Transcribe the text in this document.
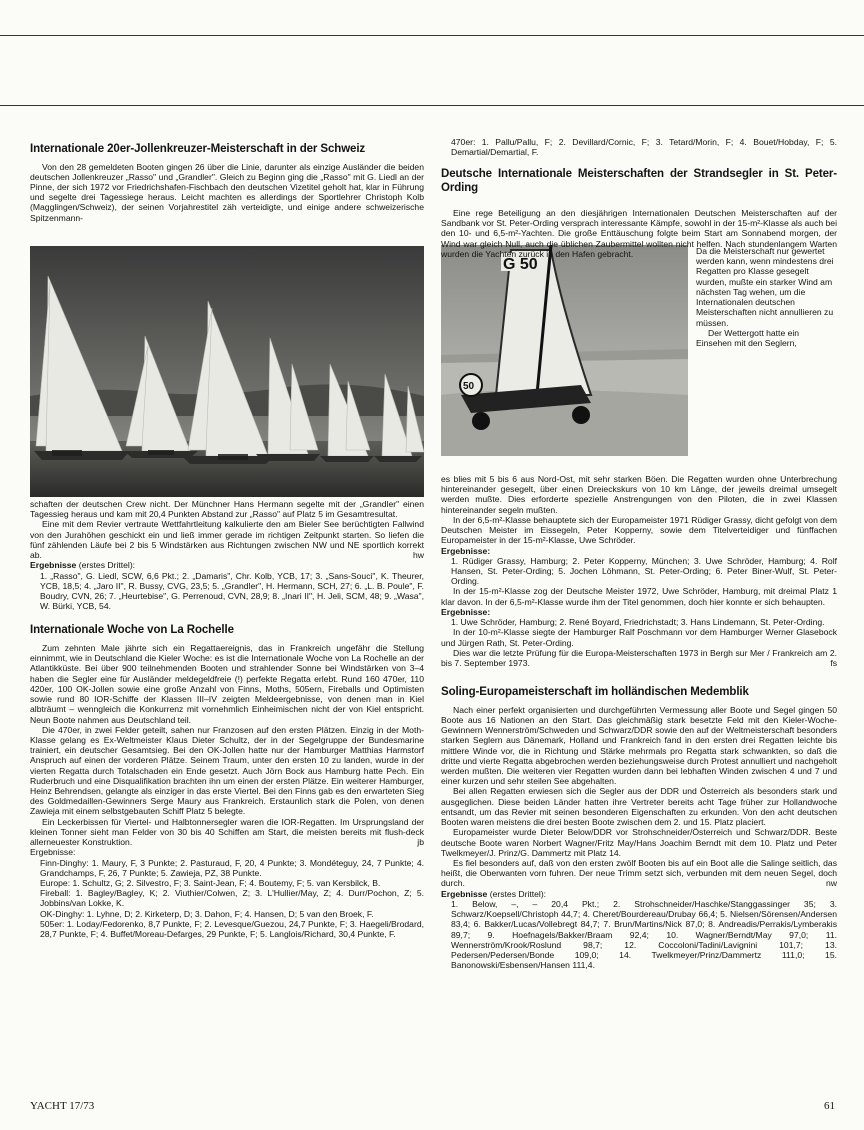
Internationale 20er-Jollenkreuzer-Meisterschaft in der Schweiz

Von den 28 gemeldeten Booten gingen 26 über die Linie, darunter als einzige Ausländer die beiden deutschen Jollenkreuzer „Rasso" und „Grandler". Gleich zu Beginn ging die „Rasso" mit G. Liedl an der Pinne, der sich 1972 vor Friedrichshafen-Fischbach den deutschen Vizetitel geholt hat, klar in Führung und segelte drei Tagessiege heraus. Leicht machten es allerdings der Sportlehrer Christoph Kolb (Magglingen/Schweiz), der seinen Vorjahrestitel zäh verteidigte, und einige andere schweizerische Spitzenmann-

schaften der deutschen Crew nicht. Der Münchner Hans Hermann segelte mit der „Grandler" einen Tagessieg heraus und kam mit 20,4 Punkten Abstand zur „Rasso" auf Platz 5 im Gesamtresultat.

Eine mit dem Revier vertraute Wettfahrtleitung kalkulierte den am Bieler See berüchtigten Fallwind von den Jurahöhen geschickt ein und ließ immer gerade im richtigen Zeitpunkt starten. So liefen die fünf zählenden Läufe bei 2 bis 5 Windstärken aus Richtungen zwischen NW und NE sportlich korrekt ab.	hw

Ergebnisse (erstes Drittel):

1. „Rasso", G. Liedl, SCW, 6,6 Pkt.; 2. „Damaris", Chr. Kolb, YCB, 17; 3. „Sans-Souci", K. Theurer, YCB, 18,5; 4. „Jaro II", R. Bussy, CVG, 23,5; 5. „Grandler", H. Hermann, SCH, 27; 6. „L. B. Poule", F. Boudry, CVN, 26; 7. „Heurtebise", G. Perrenoud, CVN, 28,9; 8. „Inari II", H. Jeli, SCM, 48; 9. „Wasa", W. Bürki, YCB, 54.

Internationale Woche von La Rochelle

Zum zehnten Male jährte sich ein Regattaereignis, das in Frankreich ungefähr die Stellung einnimmt, wie in Deutschland die Kieler Woche: es ist die Internationale Woche von La Rochelle an der Atlantikküste. Bei über 900 teilnehmenden Booten und strahlender Sonne bei Windstärken von 3–4 haben die Segler eine für Ausländer meldegeldfreie (!) perfekte Regatta erlebt. Rund 160 470er, 110 420er, 100 OK-Jollen sowie eine große Anzahl von Finns, Moths, 505ern, Fireballs und Optimisten sowie rund 80 IOR-Schiffe der Klassen III–IV zeigten Meldeergebnisse, von denen man in Kiel albträumt – wenngleich die Konkurrenz mit vornehmlich Einheimischen nicht der von Kiel entspricht. Neun Boote nahmen aus Deutschland teil.

Die 470er, in zwei Felder geteilt, sahen nur Franzosen auf den ersten Plätzen. Einzig in der Moth-Klasse gelang es Ex-Weltmeister Klaus Dieter Schultz, der in der Segelgruppe der Bundesmarine trainiert, ein deutscher Gesamtsieg. Bei den OK-Jollen hatte nur der Hamburger Matthias Harmstorf Anspruch auf einen der vorderen Plätze. Seinem Traum, unter den ersten 10 zu landen, wurde in der vierten Regatta durch Totalschaden ein Ende gesetzt. Auch Jörn Bock aus Hamburg hatte Pech. Ein Ruderbruch und eine Disqualifikation brachten ihn um einen der ersten Plätze. Ein weiterer Hamburger, Heinz Behrendsen, gelangte als einziger in das erste Viertel. Bei den Finns gab es den erwarteten Sieg des Goldmedaillen-Gewinners Serge Maury aus Frankreich. Erstaunlich stark die Polen, von denen Zawieja mit einem selbstgebauten Schiff Platz 5 belegte.

Ein Leckerbissen für Viertel- und Halbtonnersegler waren die IOR-Regatten. Im Ursprungsland der kleinen Tonner sieht man Felder von 30 bis 40 Schiffen am Start, die meisten bereits mit flush-deck allerneuester Konstruktion.	jb

Ergebnisse:

Finn-Dinghy: 1. Maury, F, 3 Punkte; 2. Pasturaud, F, 20, 4 Punkte; 3. Mondéteguy, 24, 7 Punkte; 4. Grandchamps, F, 26, 7 Punkte; 5. Zawieja, PZ, 38 Punkte.

Europe: 1. Schultz, G; 2. Silvestro, F; 3. Saint-Jean, F; 4. Boutemy, F; 5. van Kersbilck, B.

Fireball: 1. Bagley/Bagley, K; 2. Viuthier/Colwen, Z; 3. L'Hullier/May, Z; 4. Durr/Pochon, Z; 5. Jobbins/van Lokke, K.

OK-Dinghy: 1. Lyhne, D; 2. Kirketerp, D; 3. Dahon, F; 4. Hansen, D; 5 van den Broek, F.

505er: 1. Loday/Fedorenko, 8,7 Punkte, F; 2. Levesque/Guezou, 24,7 Punkte, F; 3. Haegeli/Brodard, 28,7 Punkte, F; 4. Buffet/Moreau-Defarges, 29 Punkte, F; 5. Langlois/Richard, 30,4 Punkte, F.

470er: 1. Pallu/Pallu, F; 2. Devillard/Cornic, F; 3. Tetard/Morin, F; 4. Bouet/Hobday, F; 5. Demartial/Demartial, F.

Deutsche Internationale Meisterschaften der Strandsegler in St. Peter-Ording
G 50
50

Eine rege Beteiligung an den diesjährigen Internationalen Deutschen Meisterschaften auf der Sandbank vor St. Peter-Ording versprach interessante Kämpfe, sowohl in der 15-m²-Klasse als auch bei den 10- und 6,5-m²-Yachten. Die große Enttäuschung folgte beim Start am Sonnabend morgen, der Wind war gleich Null, auch die üblichen Zaubermittel wollten nicht helfen. Nach stundenlangem Warten wurden die Yachten zurück in den Hafen gebracht.	Da die Meisterschaft nur gewertet werden kann, wenn mindestens drei Regatten pro Klasse gesegelt wurden, mußte ein starker Wind am nächsten Tag wehen, um die Internationalen deutschen Meisterschaften nicht annullieren zu müssen.

Der Wettergott hatte ein Einsehen mit den Seglern,

es blies mit 5 bis 6 aus Nord-Ost, mit sehr starken Böen. Die Regatten wurden ohne Unterbrechung hintereinander gesegelt, über einen Dreieckskurs von 10 km Länge, der jeweils dreimal umsegelt werden mußte. Dies erforderte spezielle Anstrengungen von den Piloten, die in zwei Klassen hintereinander segeln mußten.

In der 6,5-m²-Klasse behauptete sich der Europameister 1971 Rüdiger Grassy, dicht gefolgt von dem Deutschen Meister im Eissegeln, Peter Kopperny, sowie dem Titelverteidiger und fünffachen Europameister in der 15-m²-Klasse, Uwe Schröder.

Ergebnisse:

1. Rüdiger Grassy, Hamburg; 2. Peter Kopperny, München; 3. Uwe Schröder, Hamburg; 4. Rolf Hansen, St. Peter-Ording; 5. Jochen Löhmann, St. Peter-Ording; 6. Peter Biner-Wulf, St. Peter-Ording.

In der 15-m²-Klasse zog der Deutsche Meister 1972, Uwe Schröder, Hamburg, mit dreimal Platz 1 klar davon. In der 6,5-m²-Klasse wurde ihm der Titel genommen, doch hier konnte er sich behaupten.

Ergebnisse:

1. Uwe Schröder, Hamburg; 2. René Boyard, Friedrichstadt; 3. Hans Lindemann, St. Peter-Ording.

In der 10-m²-Klasse siegte der Hamburger Ralf Poschmann vor dem Hamburger Werner Glasebock und Jürgen Rath, St. Peter-Ording.

Dies war die letzte Prüfung für die Europa-Meisterschaften 1973 in Bergh sur Mer / Frankreich am 2. bis 7. September 1973.	fs

Soling-Europameisterschaft im holländischen Medemblik

Nach einer perfekt organisierten und durchgeführten Vermessung aller Boote und Segel gingen 50 Boote aus 16 Nationen an den Start. Das gleichmäßig stark besetzte Feld mit den Kieler-Woche-Gewinnern Wennerström/Schweden und Schwarz/DDR sowie den auf der Weltmeisterschaft besonders starken Seglern aus Dänemark, Holland und Frankreich fand in den ersten drei Regatten leichte bis mittlere Winde vor, die in Richtung und Stärke mehrmals pro Regatta stark schwankten, so daß die dritte und vierte Regatta abgebrochen werden beziehungsweise durch Protest annulliert und nachgeholt werden mußten. Die weiteren vier Regatten wurden dann bei lebhaften Winden zwischen 4 und 7 und einer kurzen und sehr steilen See abgehalten.

Bei allen Regatten erwiesen sich die Segler aus der DDR und Österreich als besonders stark und ausgeglichen. Diese beiden Länder hatten ihre Vertreter bereits acht Tage früher zur Hollandwoche entsandt, um das Revier mit seinen besonderen Eigenschaften zu erkunden. Von den acht deutschen Booten waren meistens die drei besten Boote zwischen dem 2. und 15. Platz placiert.

Europameister wurde Dieter Below/DDR vor Strohschneider/Österreich und Schwarz/DDR. Beste deutsche Boote waren Norbert Wagner/Fritz May/Hans Joachim Berndt mit dem 10. Platz und Peter Twelkmeyer/J. Prinz/G. Dammertz mit Platz 14.

Es fiel besonders auf, daß von den ersten zwölf Booten bis auf ein Boot alle die Salinge seitlich, das heißt, die Oberwanten vorn fuhren. Der neue Trimm setzt sich, verbunden mit dem neuen Segel, doch durch.	nw

Ergebnisse (erstes Drittel):

1. Below, –, – 20,4 Pkt.; 2. Strohschneider/Haschke/Stanggassinger 35; 3. Schwarz/Koepsell/Christoph 44,7; 4. Cheret/Bourdereau/Drubay 66,4; 5. Nielsen/Sörensen/Andersen 83,4; 6. Bakker/Lucas/Vollebregt 84,7; 7. Brun/Martins/Nick 87,0; 8. Andreadis/Perrakis/Lymberakis 89,7; 9. Hoefnagels/Bakker/Braam 92,4; 10. Wagner/Berndt/May 97,0; 11. Wennerström/Krook/Roslund 98,7; 12. Coccoloni/Tadini/Lavignini 101,7; 13. Pedersen/Pedersen/Bonde 109,0; 14. Twelkmeyer/Prinz/Dammertz 111,0; 15. Banonowski/Esbensen/Hansen 111,4.

YACHT 17/73	61
